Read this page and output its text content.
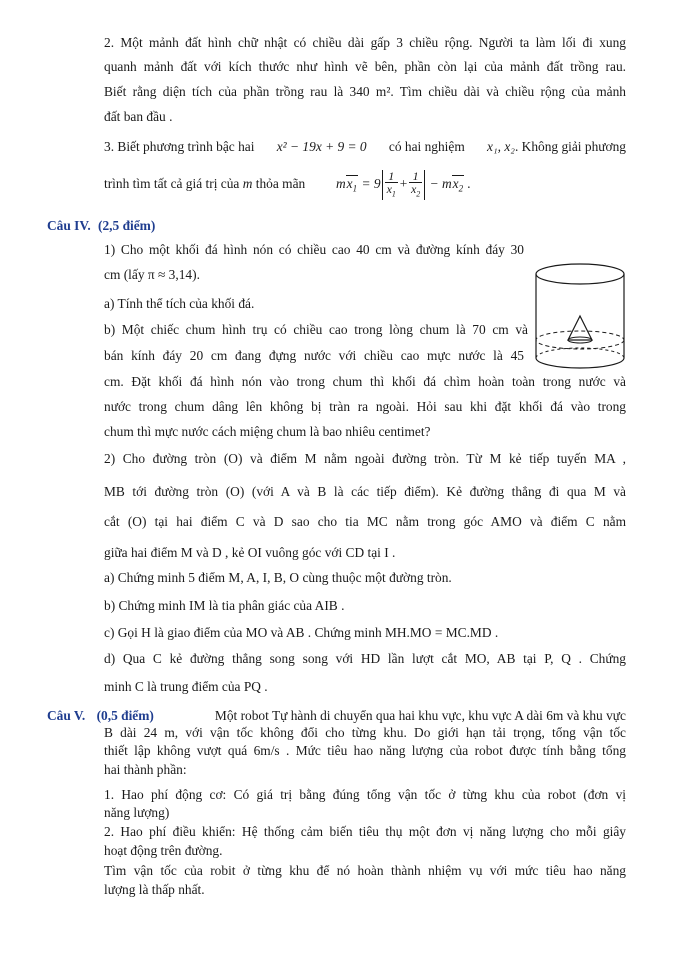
2. Một mảnh đất hình chữ nhật có chiều dài gấp 3 chiều rộng. Người ta làm lối đi xung
quanh mảnh đất với kích thước như hình vẽ bên, phần còn lại của mảnh đất trồng rau.
Biết rằng diện tích của phần trồng rau là 340 m². Tìm chiều dài và chiều rộng của mảnh
đất ban đầu .
3. Biết phương trình bậc hai x² − 19x + 9 = 0 có hai nghiệm x₁, x₂. Không giải phương
trình tìm tất cả giá trị của m thỏa mãn $mx_1 = 9 \frac{1}{x_1} + \frac{1}{x_2} - mx_2$ .
Câu IV. (2,5 điểm)
1) Cho một khối đá hình nón có chiều cao 40 cm và đường kính đáy 30
cm (lấy π ≈ 3,14).
a) Tính thể tích của khối đá.
b) Một chiếc chum hình trụ có chiều cao trong lòng chum là 70 cm và
bán kính đáy 20 cm đang đựng nước với chiều cao mực nước là 45
cm. Đặt khối đá hình nón vào trong chum thì khối đá chìm hoàn toàn trong nước và
nước trong chum dâng lên không bị tràn ra ngoài. Hỏi sau khi đặt khối đá vào trong
chum thì mực nước cách miệng chum là bao nhiêu centimet?
2) Cho đường tròn (O) và điểm M nằm ngoài đường tròn. Từ M kẻ tiếp tuyến MA ,
MB tới đường tròn (O) (với A và B là các tiếp điểm). Kẻ đường thẳng đi qua M và
cắt (O) tại hai điểm C và D sao cho tia MC nằm trong góc AMO và điểm C nằm
giữa hai điểm M và D , kẻ OI vuông góc với CD tại I .
a) Chứng minh 5 điểm M, A, I, B, O cùng thuộc một đường tròn.
b) Chứng minh IM là tia phân giác của AIB .
c) Gọi H là giao điểm của MO và AB . Chứng minh MH.MO = MC.MD .
d) Qua C kẻ đường thẳng song song với HD lần lượt cắt MO, AB tại P, Q . Chứng
minh C là trung điểm của PQ .
Câu V. (0,5 điểm)	Một robot Tự hành di chuyển qua hai khu vực, khu vực A dài 6m và khu vực
B dài 24 m, với vận tốc không đổi cho từng khu. Do giới hạn tải trọng, tổng vận tốc
thiết lập không vượt quá 6m/s . Mức tiêu hao năng lượng của robot được tính bằng tổng
hai thành phần:
1. Hao phí động cơ: Có giá trị bằng đúng tổng vận tốc ở từng khu của robot (đơn vị
năng lượng)
2. Hao phí điều khiển: Hệ thống cảm biến tiêu thụ một đơn vị năng lượng cho mỗi giây
hoạt động trên đường.
Tìm vận tốc của robit ở từng khu để nó hoàn thành nhiệm vụ với mức tiêu hao năng
lượng là thấp nhất.
